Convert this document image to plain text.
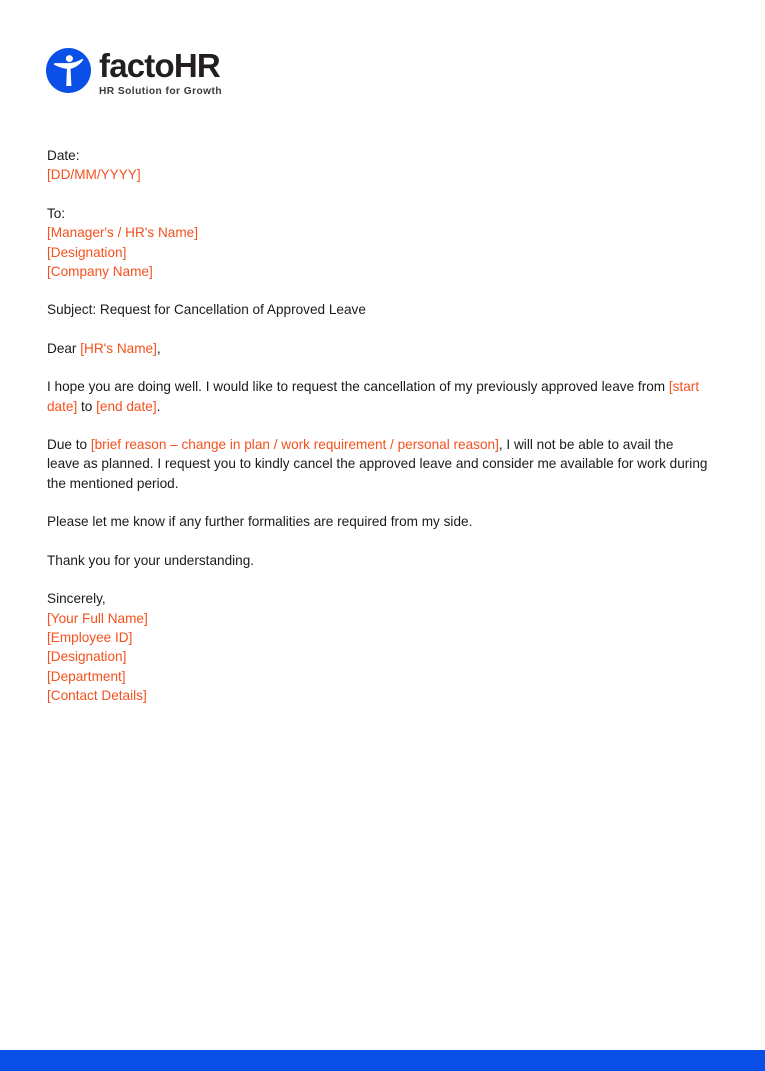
factoHR
HR Solution for Growth
Date:
[DD/MM/YYYY]
To:
[Manager's / HR's Name]
[Designation]
[Company Name]
Subject: Request for Cancellation of Approved Leave
Dear [HR's Name],

I hope you are doing well. I would like to request the cancellation of my previously approved leave from [start date] to [end date].

Due to [brief reason – change in plan / work requirement / personal reason], I will not be able to avail the leave as planned. I request you to kindly cancel the approved leave and consider me available for work during the mentioned period.

Please let me know if any further formalities are required from my side.

Thank you for your understanding.

Sincerely,
[Your Full Name]
[Employee ID]
[Designation]
[Department]
[Contact Details]
